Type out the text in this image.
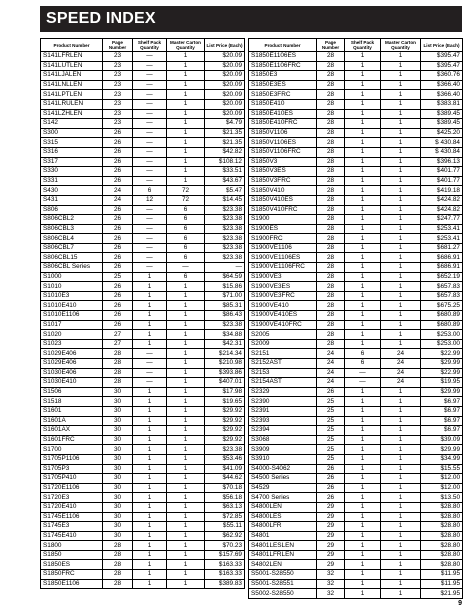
SPEED INDEX
Product Number	Page Number	Shelf Pack Quantity	Master Carton Quantity	List Price (Each)
S141LFRLEN	23	—	1	$20.09
S141LUTLEN	23	—	1	$20.09
S141LJALEN	23	—	1	$20.09
S141LNLLEN	23	—	1	$20.09
S141LPTLEN	23	—	1	$20.09
S141LRULEN	23	—	1	$20.09
S141LZHLEN	23	—	1	$20.09
S142	23	—	1	$4.79
S300	26	—	1	$21.35
S315	26	—	1	$21.35
S316	26	—	1	$42.82
S317	26	—	1	$108.12
S330	26	—	1	$33.51
S331	26	—	1	$43.67
S430	24	6	72	$5.47
S431	24	12	72	$14.45
S806	26	—	6	$23.38
S806CBL2	26	—	6	$23.38
S806CBL3	26	—	6	$23.38
S806CBL4	26	—	6	$23.38
S806CBL7	26	—	6	$23.38
S806CBL15	26	—	6	$23.38
S806CBL Series	26	—	—	—
S1000	25	1	6	$64.59
S1010	26	1	1	$15.86
S1010E3	26	1	1	$71.00
S1010E410	26	1	1	$85.31
S1010E1106	26	1	1	$86.43
S1017	26	1	1	$23.38
S1020	27	1	1	$34.88
S1023	27	1	1	$42.31
S1029E406	28	—	1	$214.34
S1029E406	28	—	1	$210.98
S1030E406	28	—	1	$393.86
S1030E410	28	—	1	$407.01
S1506	30	1	1	$17.98
S1518	30	1	1	$19.65
S1601	30	1	1	$29.92
S1601A	30	1	1	$29.92
S1601AX	30	1	1	$29.92
S1601FRC	30	1	1	$29.92
S1700	30	1	1	$23.38
S1705P1106	30	1	1	$53.46
S1705P3	30	1	1	$41.09
S1705P410	30	1	1	$44.62
S1720E1106	30	1	1	$70.18
S1720E3	30	1	1	$56.18
S1720E410	30	1	1	$63.13
S1745E1106	30	1	1	$72.85
S1745E3	30	1	1	$55.11
S1745E410	30	1	1	$62.92
S1800	28	1	1	$70.23
S1850	28	1	1	$157.69
S1850ES	28	1	1	$163.33
S1850FRC	28	1	1	$163.33
S1850E1106	28	1	1	$389.83
Product Number	Page Number	Shelf Pack Quantity	Master Carton Quantity	List Price (Each)
S1850E1106ES	28	1	1	$395.47
S1850E1106FRC	28	1	1	$395.47
S1850E3	28	1	1	$360.76
S1850E3ES	28	1	1	$366.40
S1850E3FRC	28	1	1	$366.40
S1850E410	28	1	1	$383.81
S1850E410ES	28	1	1	$389.45
S1850E410FRC	28	1	1	$389.45
S1850V1106	28	1	1	$425.20
S1850V1106ES	28	1	1	$ 430.84
S1850V1106FRC	28	1	1	$ 430.84
S1850V3	28	1	1	$396.13
S1850V3ES	28	1	1	$401.77
S1850V3FRC	28	1	1	$401.77
S1850V410	28	1	1	$419.18
S1850V410ES	28	1	1	$424.82
S1850V410FRC	28	1	1	$424.82
S1900	28	1	1	$247.77
S1900ES	28	1	1	$253.41
S1900FRC	28	1	1	$253.41
S1900VE1106	28	1	1	$681.27
S1900VE1106ES	28	1	1	$686.91
S1900VE1106FRC	28	1	1	$686.91
S1900VE3	28	1	1	$652.19
S1900VE3ES	28	1	1	$657.83
S1900VE3FRC	28	1	1	$657.83
S1900VE410	28	1	1	$675.25
S1900VE410ES	28	1	1	$680.89
S1900VE410FRC	28	1	1	$680.89
S2005	28	1	1	$253.00
S2009	28	1	1	$253.00
S2151	24	6	24	$22.99
S2152AST	24	6	24	$29.99
S2153	24	—	24	$22.99
S2154AST	24	—	24	$19.95
S2329	26	1	1	$29.99
S2390	25	1	1	$6.97
S2391	25	1	1	$6.97
S2393	25	1	1	$6.97
S2394	25	1	1	$6.97
S3068	25	1	1	$39.09
S3909	25	1	1	$29.99
S3910	25	1	1	$34.99
S4000-S4062	26	1	1	$15.55
S4500 Series	26	1	1	$12.00
S4529	26	1	1	$12.00
S4700 Series	26	1	1	$13.50
S4800LEN	29	1	1	$28.80
S4800LES	29	1	1	$28.80
S4800LFR	29	1	1	$28.80
S4801	29	1	1	$28.80
S4801LESLEN	29	1	1	$28.80
S4801LFRLEN	29	1	1	$28.80
S4802LEN	29	1	1	$28.80
S5001-S28550	32	1	1	$11.95
S5001-S28551	32	1	1	$11.95
S5002-S28550	32	1	1	$21.95
9
